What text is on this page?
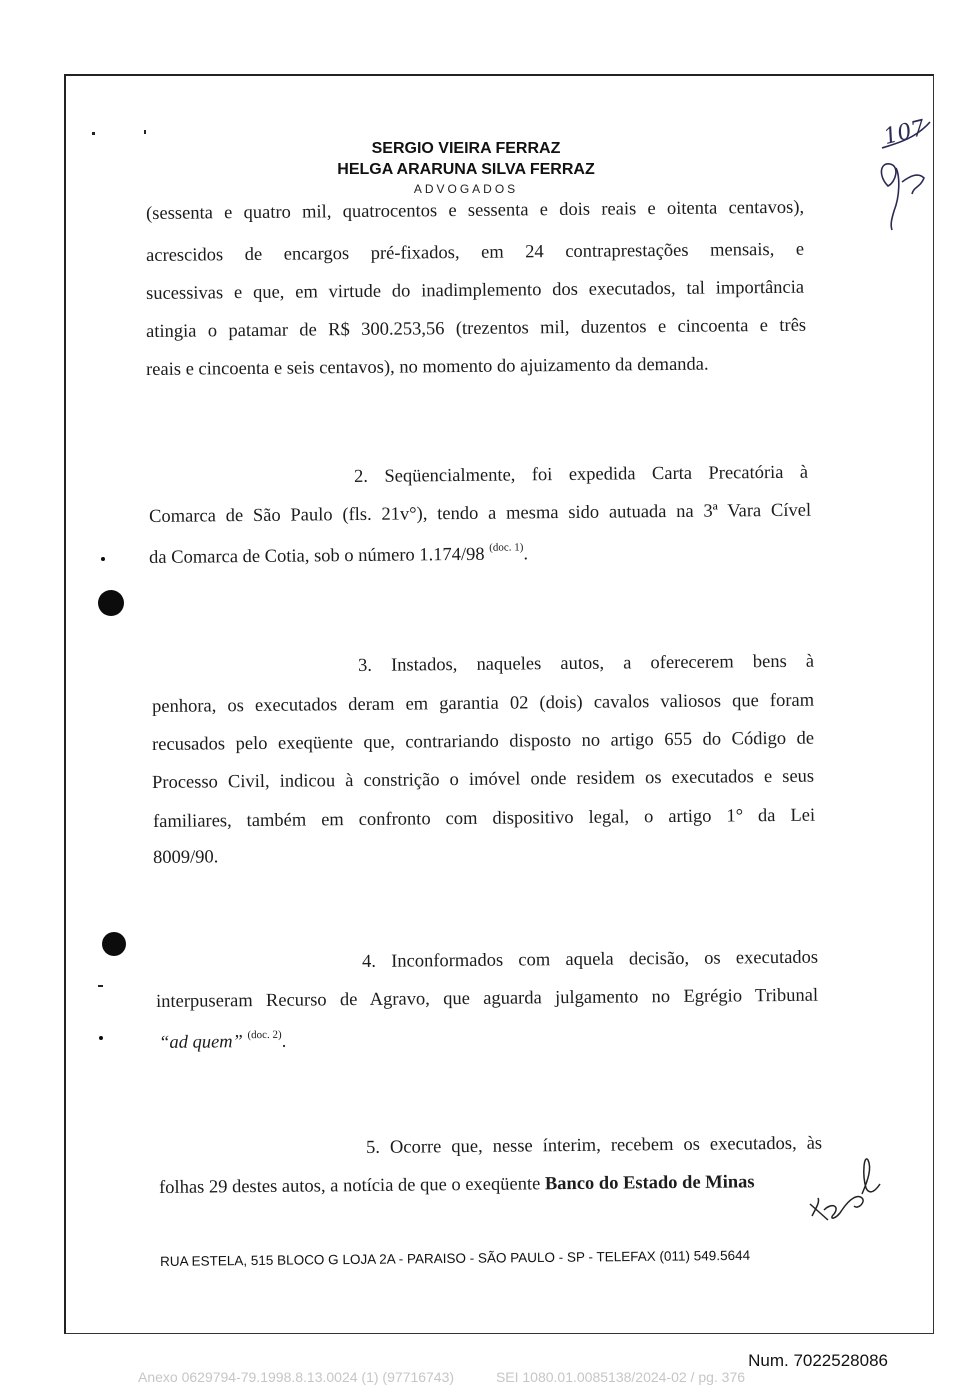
SERGIO VIEIRA FERRAZ
HELGA ARARUNA SILVA FERRAZ
ADVOGADOS
(sessenta e quatro mil, quatrocentos e sessenta e dois reais e oitenta centavos),
acrescidos de encargos pré-fixados, em 24 contraprestações mensais, e
sucessivas e que, em virtude do inadimplemento dos executados, tal importância
atingia o patamar de R$ 300.253,56 (trezentos mil, duzentos e cincoenta e três
reais e cincoenta e seis centavos), no momento do ajuizamento da demanda.
2. Seqüencialmente, foi expedida Carta Precatória à
Comarca de São Paulo (fls. 21v°), tendo a mesma sido autuada na 3ª Vara Cível
da Comarca de Cotia, sob o número 1.174/98 $^{(doc. 1)}$.
3. Instados, naqueles autos, a oferecerem bens à
penhora, os executados deram em garantia 02 (dois) cavalos valiosos que foram
recusados pelo exeqüente que, contrariando disposto no artigo 655 do Código de
Processo Civil, indicou à constrição o imóvel onde residem os executados e seus
familiares, também em confronto com dispositivo legal, o artigo 1° da Lei
8009/90.
4. Inconformados com aquela decisão, os executados
interpuseram Recurso de Agravo, que aguarda julgamento no Egrégio Tribunal
“ad quem” $^{(doc. 2)}$.
5. Ocorre que, nesse ínterim, recebem os executados, às
folhas 29 destes autos, a notícia de que o exeqüente Banco do Estado de Minas
RUA ESTELA, 515 BLOCO G LOJA 2A - PARAISO - SÃO PAULO - SP - TELEFAX (011) 549.5644
107
Num. 7022528086
Anexo 0629794-79.1998.8.13.0024 (1) (97716743)	SEI 1080.01.0085138/2024-02 / pg. 376
